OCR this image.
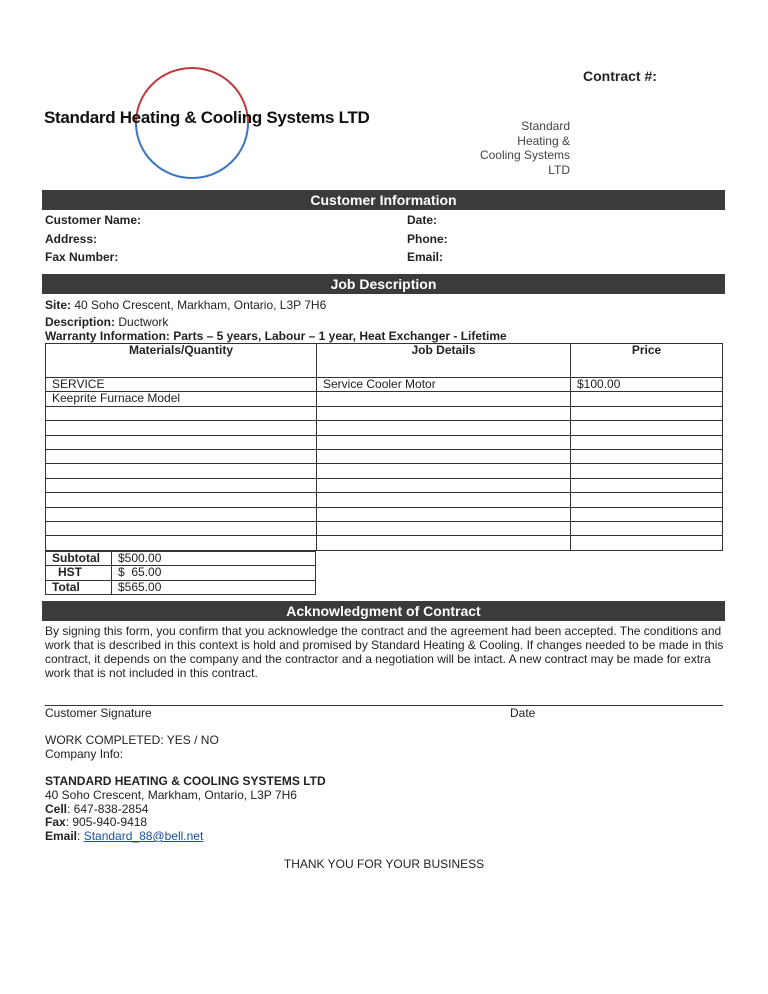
Standard Heating & Cooling Systems LTD
Contract #:
Standard
Heating &
Cooling Systems
LTD
Customer Information
Customer Name:	Date:
Address:	Phone:
Fax Number:	Email:
Job Description
Site: 40 Soho Crescent, Markham, Ontario, L3P 7H6
Description: Ductwork
Warranty Information: Parts – 5 years, Labour – 1 year, Heat Exchanger - Lifetime
Materials/Quantity	Job Details	Price
SERVICE	Service Cooler Motor	$100.00
Keeprite Furnace Model		

Subtotal	$500.00
HST	$  65.00
Total	$565.00
Acknowledgment of Contract
By signing this form, you confirm that you acknowledge the contract and the agreement had been accepted. The conditions and work that is described in this context is hold and promised by Standard Heating & Cooling. If changes needed to be made in this contract, it depends on the company and the contractor and a negotiation will be intact. A new contract may be made for extra work that is not included in this contract.
Customer Signature	Date
WORK COMPLETED: YES / NO
Company Info:
STANDARD HEATING & COOLING SYSTEMS LTD
40 Soho Crescent, Markham, Ontario, L3P 7H6
Cell: 647-838-2854
Fax: 905-940-9418
Email: Standard_88@bell.net
THANK YOU FOR YOUR BUSINESS
